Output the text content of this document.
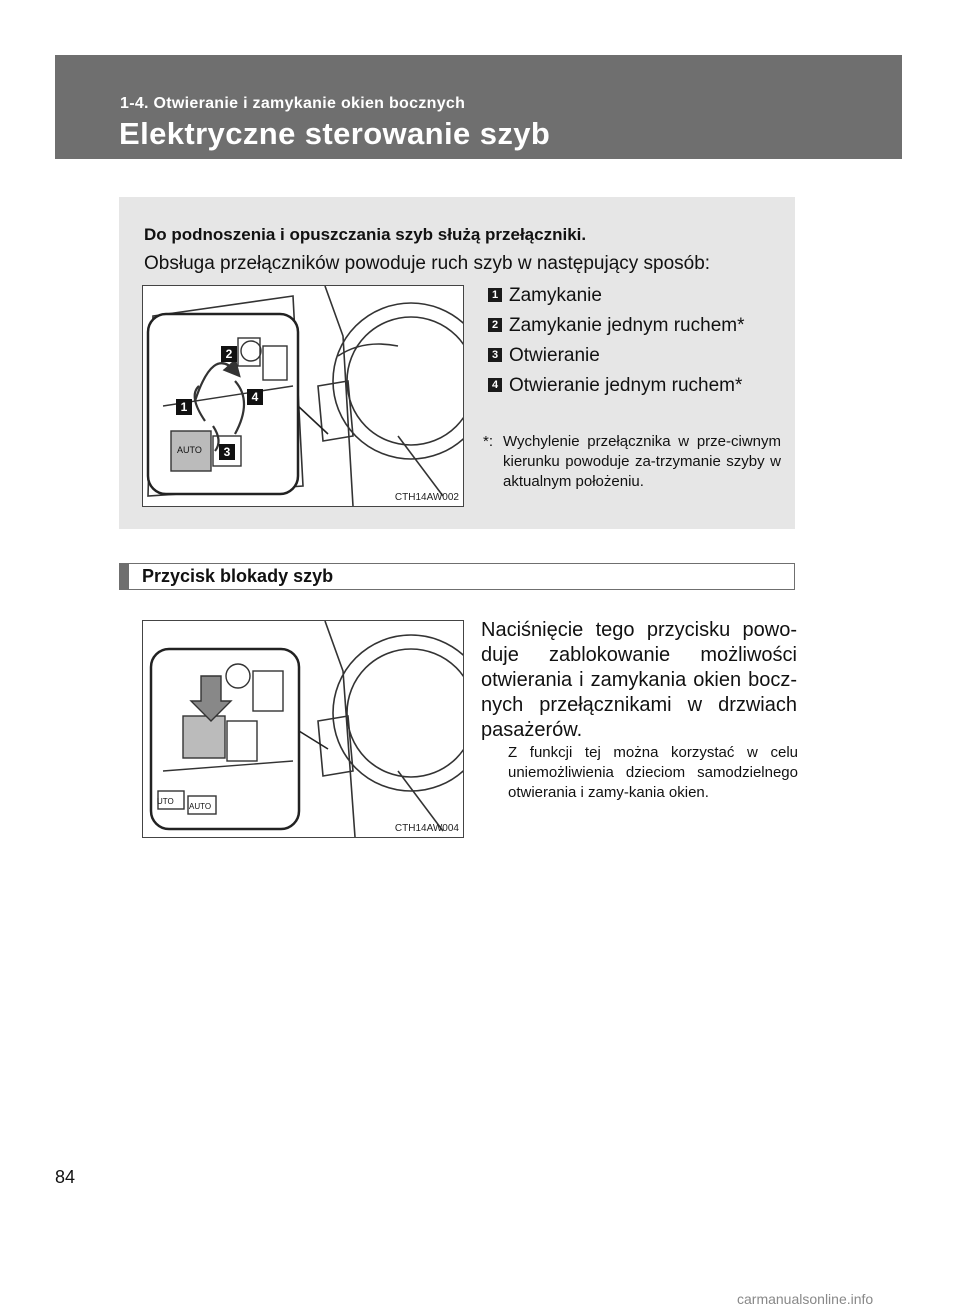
1-4. Otwieranie i zamykanie okien bocznych
Elektryczne sterowanie szyb
Do podnoszenia i opuszczania szyb służą przełączniki.
Obsługa przełączników powoduje ruch szyb w następujący sposób:
AUTO
1
2
3
4
CTH14AW002
1 Zamykanie
2 Zamykanie jednym ruchem*
3 Otwieranie
4 Otwieranie jednym ruchem*
*: Wychylenie przełącznika w prze-ciwnym kierunku powoduje za-trzymanie szyby w aktualnym położeniu.
Przycisk blokady szyb
UTO
AUTO
CTH14AW004
Naciśnięcie tego przycisku powo-duje zablokowanie możliwości otwierania i zamykania okien bocz-nych przełącznikami w drzwiach pasażerów.
Z funkcji tej można korzystać w celu uniemożliwienia dzieciom samodzielnego otwierania i zamy-kania okien.
84
carmanualsonline.info
